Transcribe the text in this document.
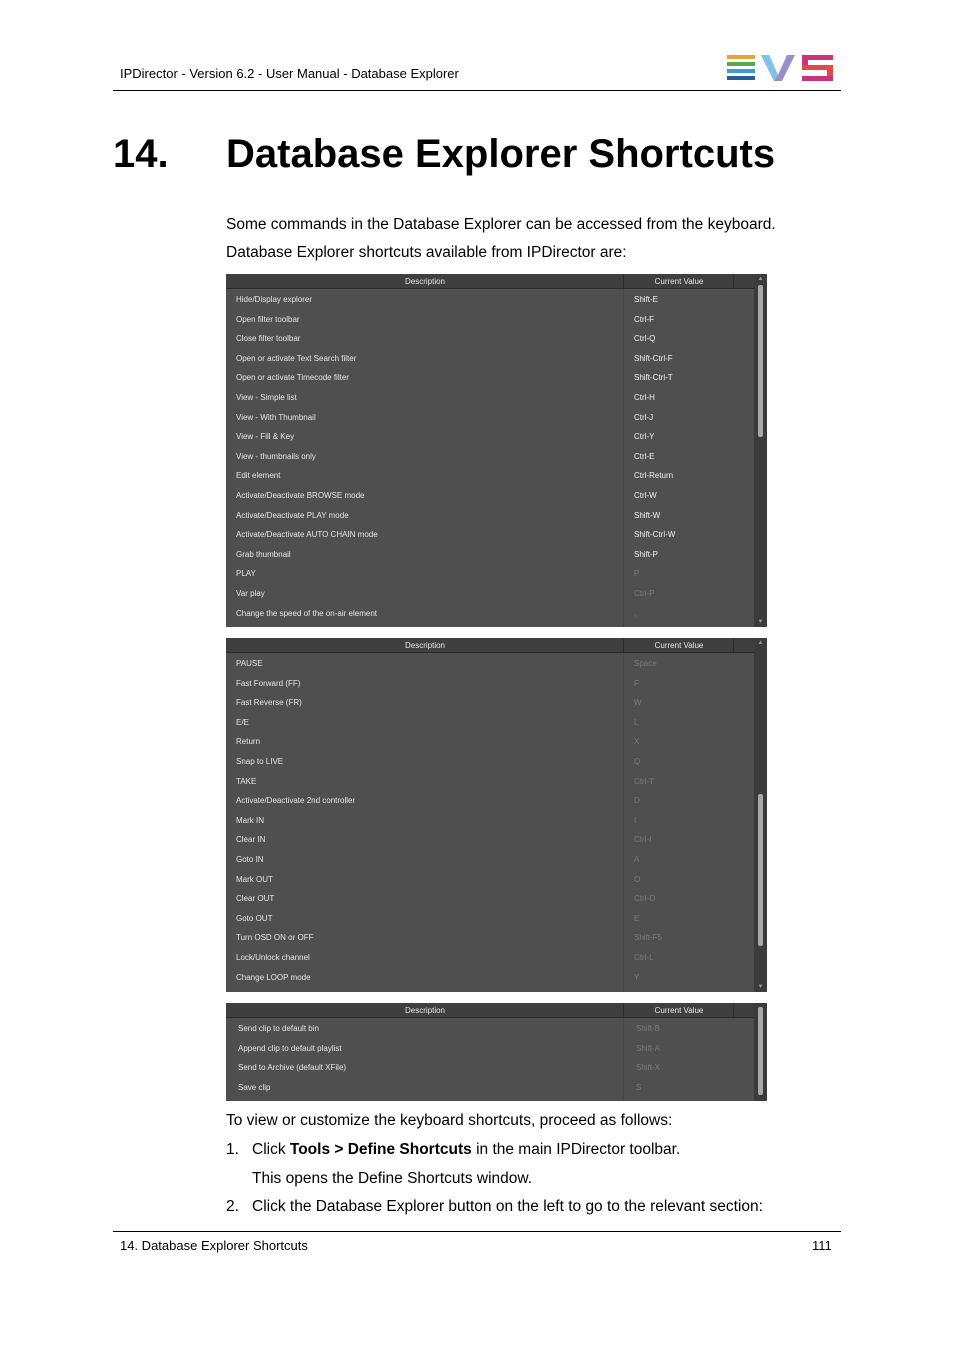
IPDirector - Version 6.2 - User Manual - Database Explorer
14. Database Explorer Shortcuts
Some commands in the Database Explorer can be accessed from the keyboard.
Database Explorer shortcuts available from IPDirector are:
Description	Current Value
Hide/Display explorer	Shift-E
Open filter toolbar	Ctrl-F
Close filter toolbar	Ctrl-Q
Open or activate Text Search filter	Shift-Ctrl-F
Open or activate Timecode filter	Shift-Ctrl-T
View - Simple list	Ctrl-H
View - With Thumbnail	Ctrl-J
View - Fill & Key	Ctrl-Y
View - thumbnails only	Ctrl-E
Edit element	Ctrl-Return
Activate/Deactivate BROWSE mode	Ctrl-W
Activate/Deactivate PLAY mode	Shift-W
Activate/Deactivate AUTO CHAIN mode	Shift-Ctrl-W
Grab thumbnail	Shift-P
PLAY	P
Var play	Ctrl-P
Change the speed of the on-air element	,
▲
▼
Description	Current Value
PAUSE	Space
Fast Forward (FF)	F
Fast Reverse (FR)	W
E/E	L
Return	X
Snap to LIVE	Q
TAKE	Ctrl-T
Activate/Deactivate 2nd controller	D
Mark IN	I
Clear IN	Ctrl-I
Goto IN	A
Mark OUT	O
Clear OUT	Ctrl-O
Goto OUT	E
Turn OSD ON or OFF	Shift-F5
Lock/Unlock channel	Ctrl-L
Change LOOP mode	Y
▲
▼
Description	Current Value
Send clip to default bin	Shift-B
Append clip to default playlist	Shift-A
Send to Archive (default XFile)	Shift-X
Save clip	S
To view or customize the keyboard shortcuts, proceed as follows:
1. Click Tools > Define Shortcuts in the main IPDirector toolbar.
This opens the Define Shortcuts window.
2. Click the Database Explorer button on the left to go to the relevant section:
14. Database Explorer Shortcuts	111
